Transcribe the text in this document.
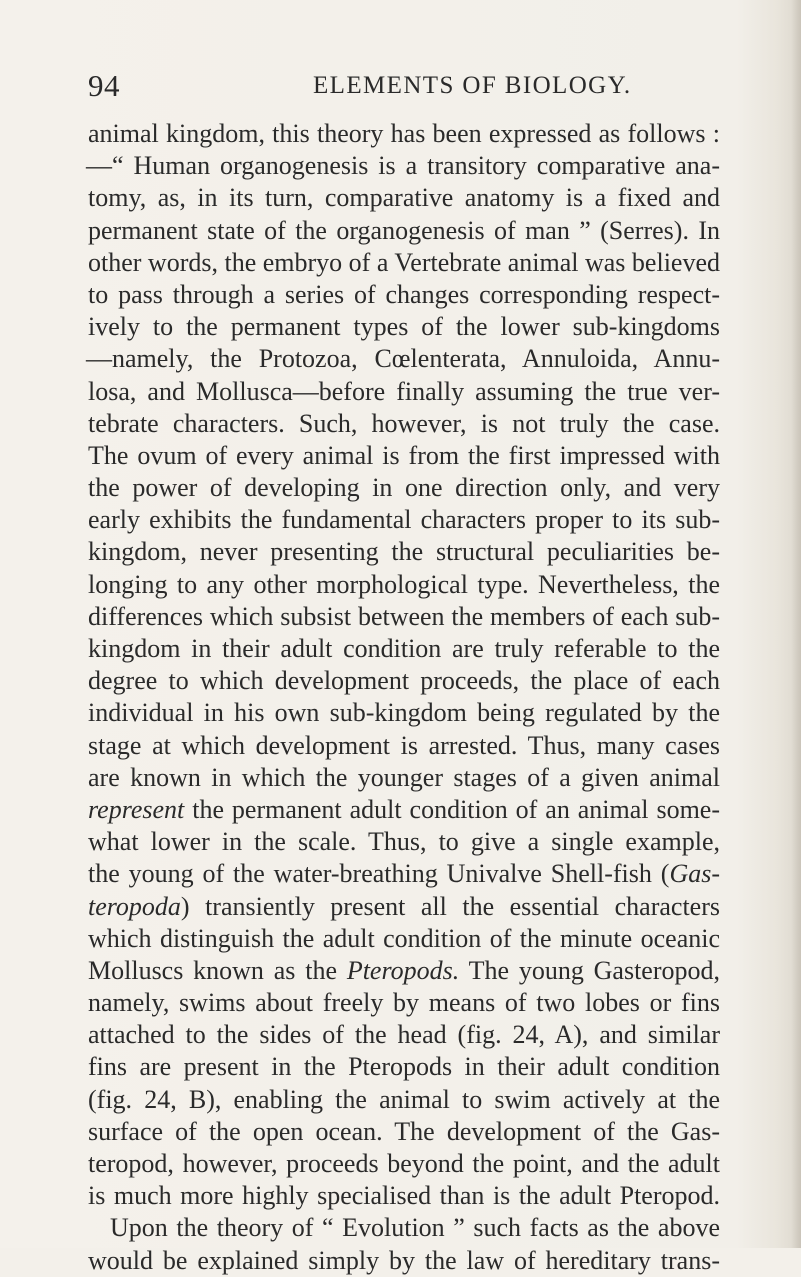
94	ELEMENTS OF BIOLOGY.
animal kingdom, this theory has been expressed as follows :
—“ Human organogenesis is a transitory comparative ana-
tomy, as, in its turn, comparative anatomy is a fixed and
permanent state of the organogenesis of man ” (Serres). In
other words, the embryo of a Vertebrate animal was believed
to pass through a series of changes corresponding respect-
ively to the permanent types of the lower sub-kingdoms
—namely, the Protozoa, Cœlenterata, Annuloida, Annu-
losa, and Mollusca—before finally assuming the true ver-
tebrate characters. Such, however, is not truly the case.
The ovum of every animal is from the first impressed with
the power of developing in one direction only, and very
early exhibits the fundamental characters proper to its sub-
kingdom, never presenting the structural peculiarities be-
longing to any other morphological type. Nevertheless, the
differences which subsist between the members of each sub-
kingdom in their adult condition are truly referable to the
degree to which development proceeds, the place of each
individual in his own sub-kingdom being regulated by the
stage at which development is arrested. Thus, many cases
are known in which the younger stages of a given animal
represent the permanent adult condition of an animal some-
what lower in the scale. Thus, to give a single example,
the young of the water-breathing Univalve Shell-fish (Gas-
teropoda) transiently present all the essential characters
which distinguish the adult condition of the minute oceanic
Molluscs known as the Pteropods. The young Gasteropod,
namely, swims about freely by means of two lobes or fins
attached to the sides of the head (fig. 24, A), and similar
fins are present in the Pteropods in their adult condition
(fig. 24, B), enabling the animal to swim actively at the
surface of the open ocean. The development of the Gas-
teropod, however, proceeds beyond the point, and the adult
is much more highly specialised than is the adult Pteropod.
Upon the theory of “ Evolution ” such facts as the above
would be explained simply by the law of hereditary trans-
